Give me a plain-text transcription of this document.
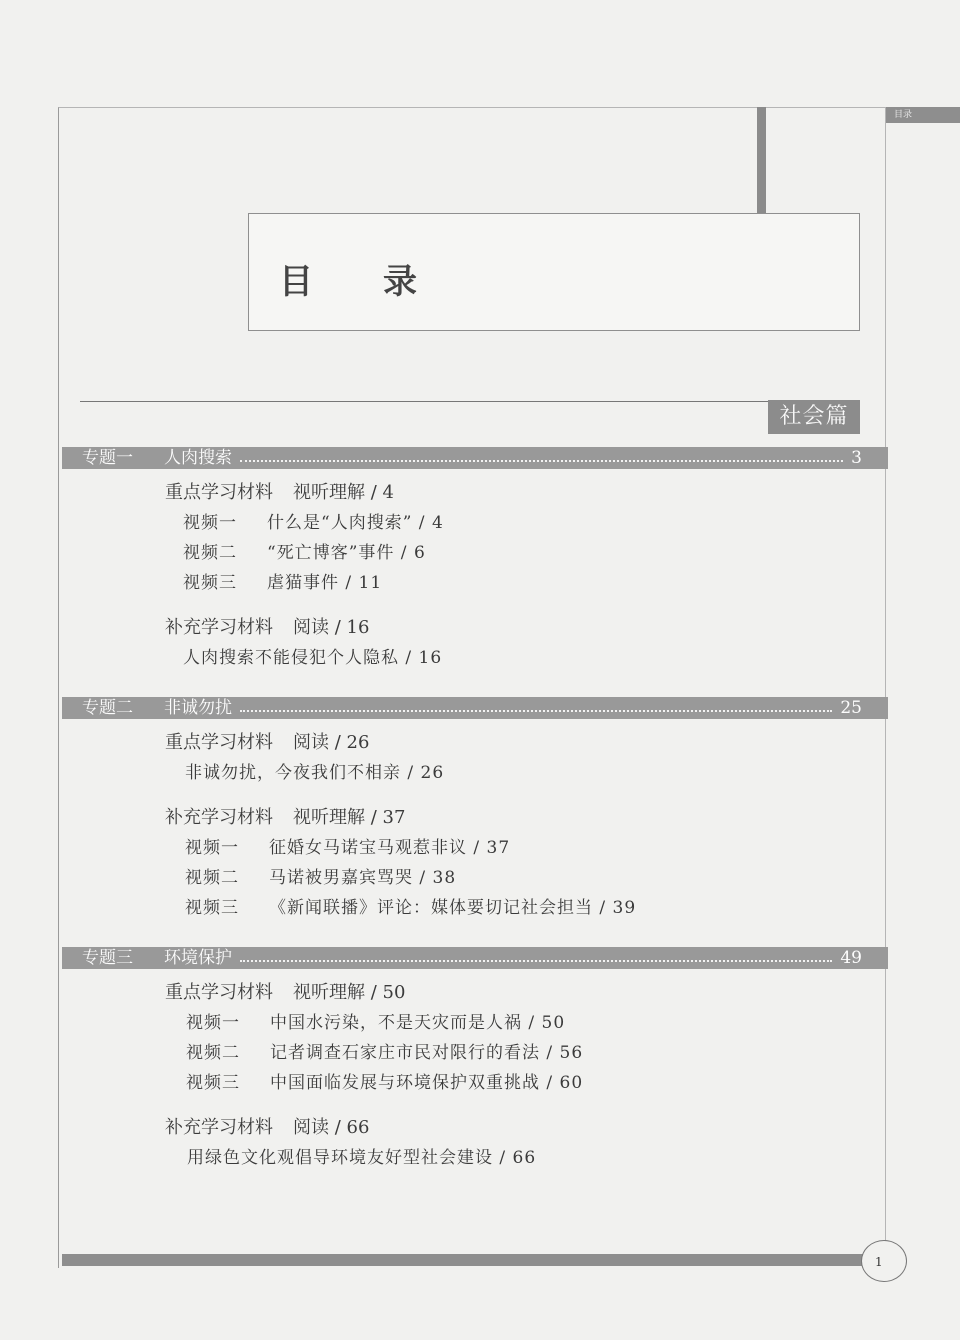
目录
目　录
社会篇
专题一	人肉搜索	3
重点学习材料 视听理解 / 4
视频一 什么是“人肉搜索” / 4
视频二 “死亡博客”事件 / 6
视频三 虐猫事件 / 11
补充学习材料 阅读 / 16
人肉搜索不能侵犯个人隐私 / 16
专题二	非诚勿扰	25
重点学习材料 阅读 / 26
非诚勿扰，今夜我们不相亲 / 26
补充学习材料 视听理解 / 37
视频一 征婚女马诺宝马观惹非议 / 37
视频二 马诺被男嘉宾骂哭 / 38
视频三 《新闻联播》评论：媒体要切记社会担当 / 39
专题三	环境保护	49
重点学习材料 视听理解 / 50
视频一 中国水污染，不是天灾而是人祸 / 50
视频二 记者调查石家庄市民对限行的看法 / 56
视频三 中国面临发展与环境保护双重挑战 / 60
补充学习材料 阅读 / 66
用绿色文化观倡导环境友好型社会建设 / 66
1
